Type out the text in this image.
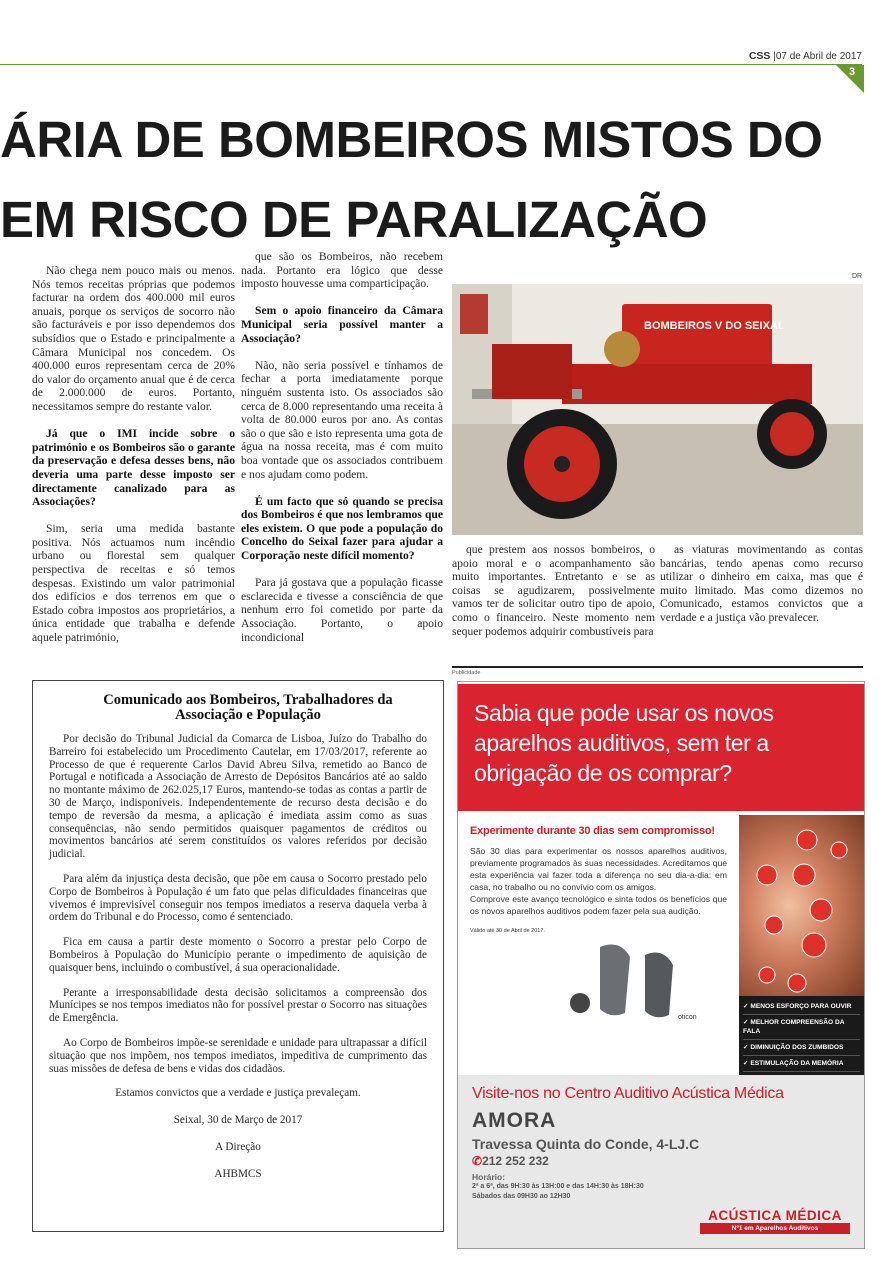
CSS |07 de Abril de 2017
3
ÁRIA DE BOMBEIROS MISTOS DO
EM RISCO DE PARALIZAÇÃO

Não chega nem pouco mais ou menos. Nós temos receitas próprias que podemos facturar na ordem dos 400.000 mil euros anuais, porque os serviços de socorro não são facturáveis e por isso dependemos dos subsídios que o Estado e principalmente a Câmara Municipal nos concedem. Os 400.000 euros representam cerca de 20% do valor do orçamento anual que é de cerca de 2.000.000 de euros. Portanto, necessitamos sempre do restante valor.

Já que o IMI incide sobre o património e os Bombeiros são o garante da preservação e defesa desses bens, não deveria uma parte desse imposto ser directamente canalizado para as Associações?

Sim, seria uma medida bastante positiva. Nós actuamos num incêndio urbano ou florestal sem qualquer perspectiva de receitas e só temos despesas. Existindo um valor patrimonial dos edifícios e dos terrenos em que o Estado cobra impostos aos proprietários, a única entidade que trabalha e defende aquele património,

que são os Bombeiros, não recebem nada. Portanto era lógico que desse imposto houvesse uma comparticipação.

Sem o apoio financeiro da Câmara Municipal seria possível manter a Associação?

Não, não seria possível e tínhamos de fechar a porta imediatamente porque ninguém sustenta isto. Os associados são cerca de 8.000 representando uma receita à volta de 80.000 euros por ano. As contas são o que são e isto representa uma gota de água na nossa receita, mas é com muito boa vontade que os associados contribuem e nos ajudam como podem.

É um facto que só quando se precisa dos Bombeiros é que nos lembramos que eles existem. O que pode a população do Concelho do Seixal fazer para ajudar a Corporação neste difícil momento?

Para já gostava que a população ficasse esclarecida e tivesse a consciência de que nenhum erro foi cometido por parte da Associação. Portanto, o apoio incondicional

DR
BOMBEIROS V DO SEIXAL

que prestem aos nossos bombeiros, o apoio moral e o acompanhamento são muito importantes. Entretanto e se as coisas se agudizarem, possivelmente vamos ter de solicitar outro tipo de apoio, como o financeiro. Neste momento nem sequer podemos adquirir combustíveis para

as viaturas movimentando as contas bancárias, tendo apenas como recurso utilizar o dinheiro em caixa, mas que é muito limitado. Mas como dizemos no Comunicado, estamos convictos que a verdade e a justiça vão prevalecer.

Publicidade
Comunicado aos Bombeiros, Trabalhadores da Associação e População

Por decisão do Tribunal Judicial da Comarca de Lisboa, Juízo do Trabalho do Barreiro foi estabelecido um Procedimento Cautelar, em 17/03/2017, referente ao Processo de que é requerente Carlos David Abreu Silva, remetido ao Banco de Portugal e notificada a Associação de Arresto de Depósitos Bancários até ao saldo no montante máximo de 262.025,17 Euros, mantendo-se todas as contas a partir de 30 de Março, indisponíveis. Independentemente de recurso desta decisão e do tempo de reversão da mesma, a aplicação é imediata assim como as suas consequências, não sendo permitidos quaisquer pagamentos de créditos ou movimentos bancários até serem constituídos os valores referidos por decisão judicial.

Para além da injustiça desta decisão, que põe em causa o Socorro prestado pelo Corpo de Bombeiros à População é um fato que pelas dificuldades financeiras que vivemos é imprevisível conseguir nos tempos imediatos a reserva daquela verba à ordem do Tribunal e do Processo, como é sentenciado.

Fica em causa a partir deste momento o Socorro a prestar pelo Corpo de Bombeiros à População do Município perante o impedimento de aquisição de quaisquer bens, incluindo o combustível, á sua operacionalidade.

Perante a irresponsabilidade desta decisão solicitamos a compreensão dos Munícipes se nos tempos imediatos não for possível prestar o Socorro nas situações de Emergência.

Ao Corpo de Bombeiros impõe-se serenidade e unidade para ultrapassar a difícil situação que nos impõem, nos tempos imediatos, impeditiva de cumprimento das suas missões de defesa de bens e vidas dos cidadãos.

Estamos convictos que a verdade e justiça prevaleçam.

Seixal, 30 de Março de 2017

A Direção

AHBMCS

Sabia que pode usar os novos aparelhos auditivos, sem ter a obrigação de os comprar?
Experimente durante 30 dias sem compromisso!

São 30 dias para experimentar os nossos aparelhos auditivos, previamente programados às suas necessidades. Acreditamos que esta experiência vai fazer toda a diferença no seu dia-a-dia: em casa, no trabalho ou no convívio com os amigos.

Comprove este avanço tecnológico e sinta todos os benefícios que os novos aparelhos auditivos podem fazer pela sua audição.

Válido até 30 de Abril de 2017.

oticon
✓ MENOS ESFORÇO PARA OUVIR
✓ MELHOR COMPREENSÃO DA FALA
✓ DIMINUIÇÃO DOS ZUMBIDOS
✓ ESTIMULAÇÃO DA MEMÓRIA
Visite-nos no Centro Auditivo Acústica Médica
AMORA
Travessa Quinta do Conde, 4-LJ.C
✆212 252 232
Horário:
2ª a 6ª, das 9H:30 às 13H:00 e das 14H:30 às 18H:30
Sábados das 09H30 ao 12H30
ACÚSTICA MÉDICA
Nº1 em Aparelhos Auditivos
